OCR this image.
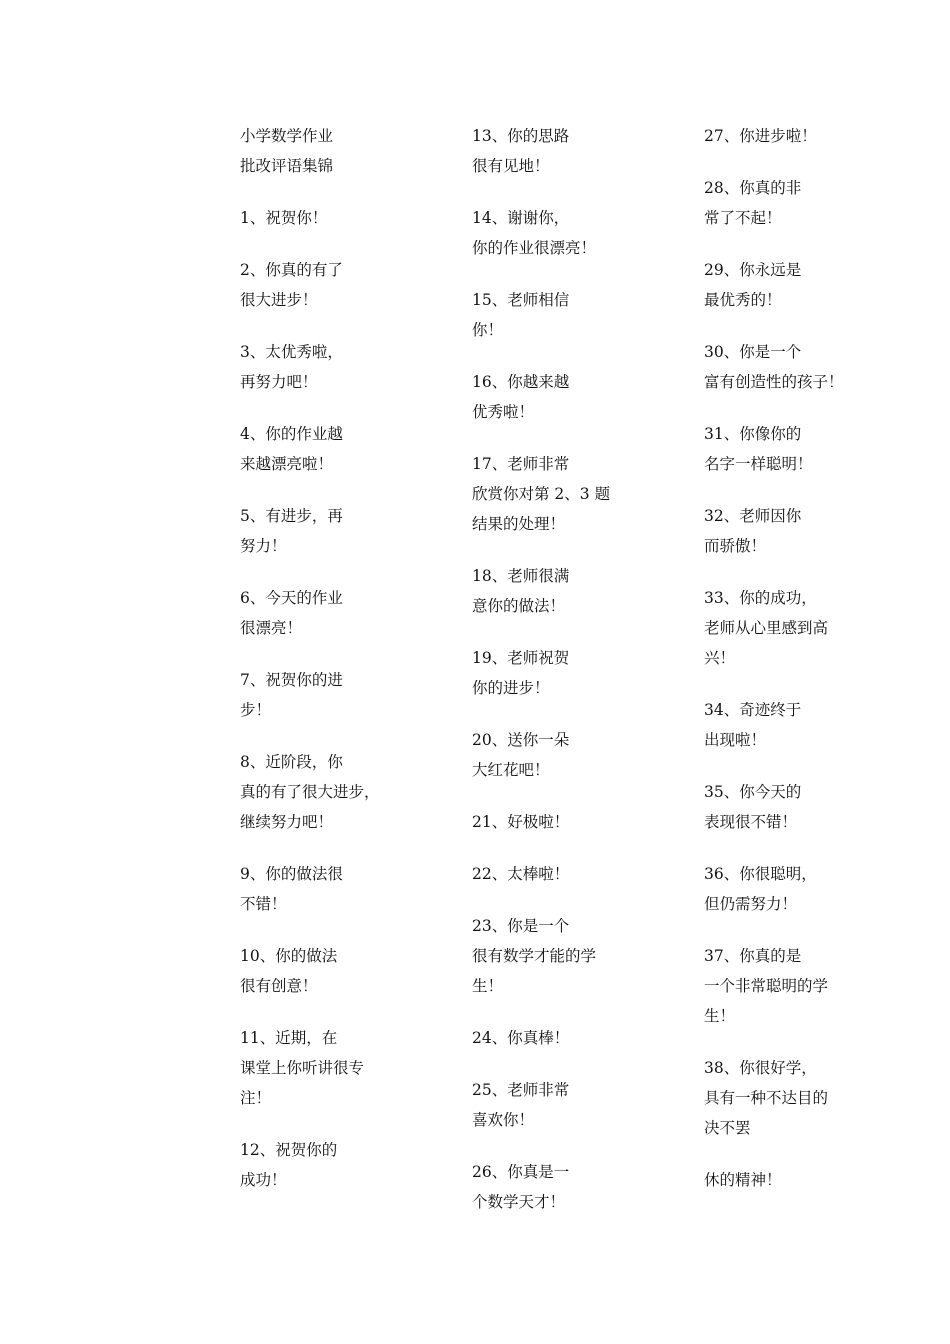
小学数学作业
批改评语集锦
1、祝贺你！
2、你真的有了
很大进步！
3、太优秀啦，
再努力吧！
4、你的作业越
来越漂亮啦！
5、有进步，再
努力！
6、今天的作业
很漂亮！
7、祝贺你的进
步！
8、近阶段，你
真的有了很大进步，
继续努力吧！
9、你的做法很
不错！
10、你的做法
很有创意！
11、近期，在
课堂上你听讲很专
注！
12、祝贺你的
成功！
13、你的思路
很有见地！
14、谢谢你，
你的作业很漂亮！
15、老师相信
你！
16、你越来越
优秀啦！
17、老师非常
欣赏你对第 2、3 题
结果的处理！
18、老师很满
意你的做法！
19、老师祝贺
你的进步！
20、送你一朵
大红花吧！
21、好极啦！
22、太棒啦！
23、你是一个
很有数学才能的学
生！
24、你真棒！
25、老师非常
喜欢你！
26、你真是一
个数学天才！
27、你进步啦！
28、你真的非
常了不起！
29、你永远是
最优秀的！
30、你是一个
富有创造性的孩子！
31、你像你的
名字一样聪明！
32、老师因你
而骄傲！
33、你的成功，
老师从心里感到高
兴！
34、奇迹终于
出现啦！
35、你今天的
表现很不错！
36、你很聪明，
但仍需努力！
37、你真的是
一个非常聪明的学
生！
38、你很好学，
具有一种不达目的
决不罢
休的精神！
